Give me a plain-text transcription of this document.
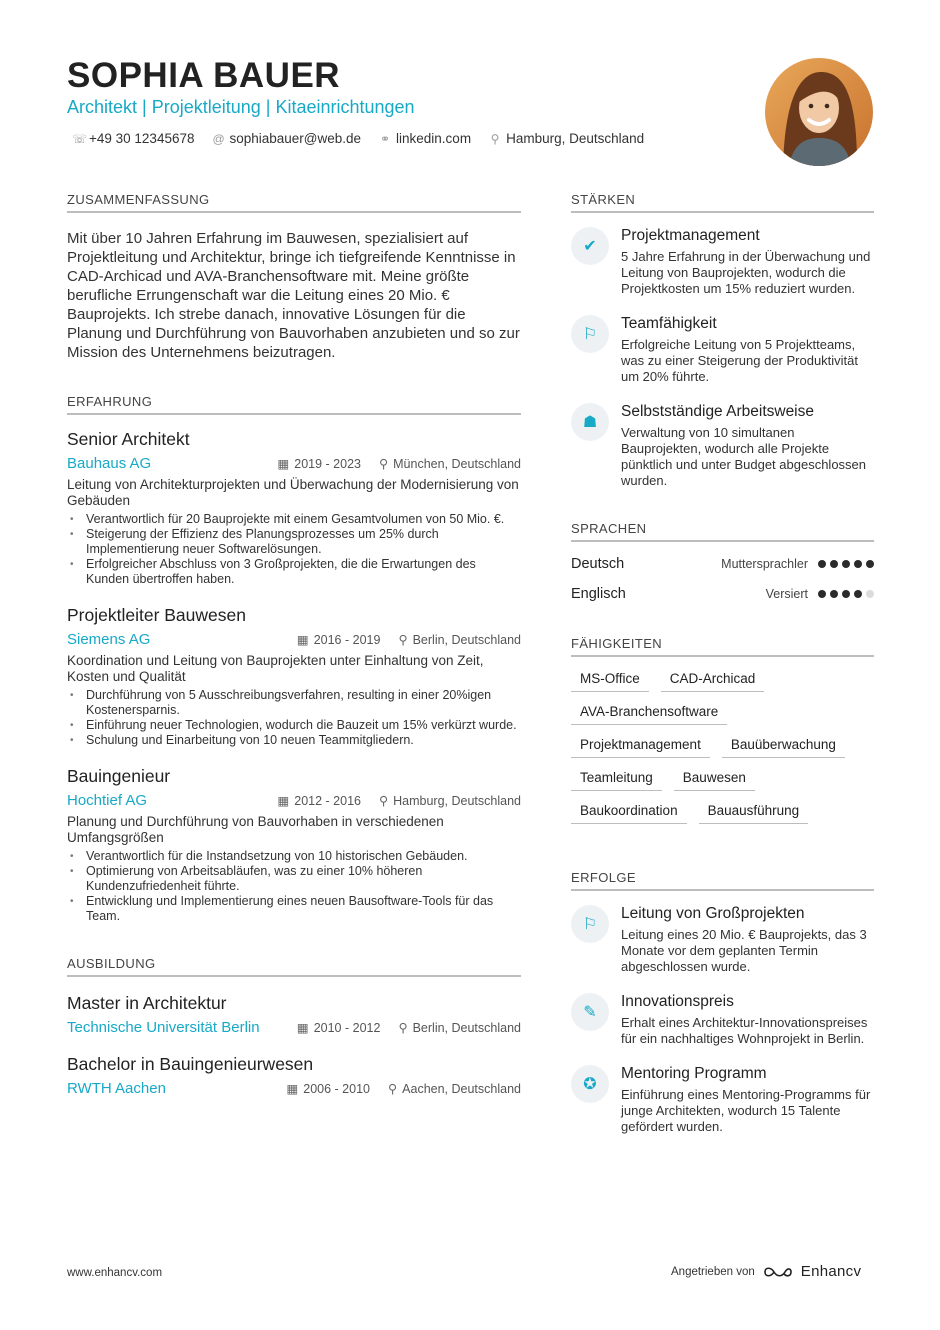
SOPHIA BAUER
Architekt | Projektleitung | Kitaeinrichtungen
☏ +49 30 12345678 @ sophiabauer@web.de ⚭ linkedin.com ⚲ Hamburg, Deutschland
ZUSAMMENFASSUNG

Mit über 10 Jahren Erfahrung im Bauwesen, spezialisiert auf Projektleitung und Architektur, bringe ich tiefgreifende Kenntnisse in CAD-Archicad und AVA-Branchensoftware mit. Meine größte berufliche Errungenschaft war die Leitung eines 20 Mio. € Bauprojekts. Ich strebe danach, innovative Lösungen für die Planung und Durchführung von Bauvorhaben anzubieten und so zur Mission des Unternehmens beizutragen.

ERFAHRUNG
Senior Architekt
Bauhaus AG	▦ 2019 - 2023 ⚲ München, Deutschland
Leitung von Architekturprojekten und Überwachung der Modernisierung von Gebäuden
• Verantwortlich für 20 Bauprojekte mit einem Gesamtvolumen von 50 Mio. €.
• Steigerung der Effizienz des Planungsprozesses um 25% durch Implementierung neuer Softwarelösungen.
• Erfolgreicher Abschluss von 3 Großprojekten, die die Erwartungen des Kunden übertroffen haben.
Projektleiter Bauwesen
Siemens AG	▦ 2016 - 2019 ⚲ Berlin, Deutschland
Koordination und Leitung von Bauprojekten unter Einhaltung von Zeit, Kosten und Qualität
• Durchführung von 5 Ausschreibungsverfahren, resulting in einer 20%igen Kostenersparnis.
• Einführung neuer Technologien, wodurch die Bauzeit um 15% verkürzt wurde.
• Schulung und Einarbeitung von 10 neuen Teammitgliedern.
Bauingenieur
Hochtief AG	▦ 2012 - 2016 ⚲ Hamburg, Deutschland
Planung und Durchführung von Bauvorhaben in verschiedenen Umfangsgrößen
• Verantwortlich für die Instandsetzung von 10 historischen Gebäuden.
• Optimierung von Arbeitsabläufen, was zu einer 10% höheren Kundenzufriedenheit führte.
• Entwicklung und Implementierung eines neuen Bausoftware-Tools für das Team.
AUSBILDUNG
Master in Architektur
Technische Universität Berlin	▦ 2010 - 2012 ⚲ Berlin, Deutschland
Bachelor in Bauingenieurwesen
RWTH Aachen	▦ 2006 - 2010 ⚲ Aachen, Deutschland
STÄRKEN
✔
Projektmanagement
5 Jahre Erfahrung in der Überwachung und Leitung von Bauprojekten, wodurch die Projektkosten um 15% reduziert wurden.
⚐
Teamfähigkeit
Erfolgreiche Leitung von 5 Projektteams, was zu einer Steigerung der Produktivität um 20% führte.
☗
Selbstständige Arbeitsweise
Verwaltung von 10 simultanen Bauprojekten, wodurch alle Projekte pünktlich und unter Budget abgeschlossen wurden.
SPRACHEN
Deutsch	Muttersprachler
Englisch	Versiert
FÄHIGKEITEN
MS-Office	CAD-Archicad
AVA-Branchensoftware
Projektmanagement	Bauüberwachung
Teamleitung	Bauwesen
Baukoordination	Bauausführung
ERFOLGE
⚐
Leitung von Großprojekten
Leitung eines 20 Mio. € Bauprojekts, das 3 Monate vor dem geplanten Termin abgeschlossen wurde.
✎
Innovationspreis
Erhalt eines Architektur-Innovationspreises für ein nachhaltiges Wohnprojekt in Berlin.
✪
Mentoring Programm
Einführung eines Mentoring-Programms für junge Architekten, wodurch 15 Talente gefördert wurden.
www.enhancv.com	Angetrieben von	Enhancv
